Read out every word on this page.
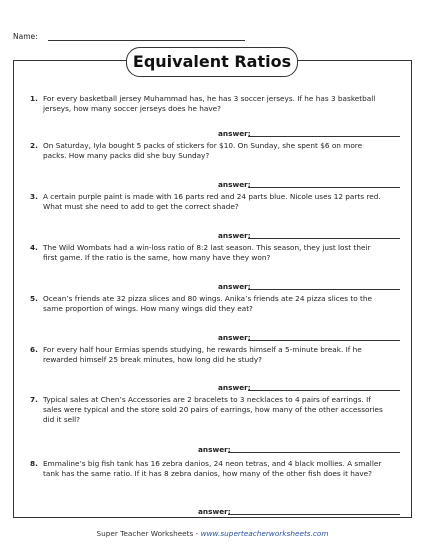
Name:
Equivalent Ratios
1. For every basketball jersey Muhammad has, he has 3 soccer jerseys. If he has 3 basketball jerseys, how many soccer jerseys does he have?
answer:
2. On Saturday, Iyla bought 5 packs of stickers for $10. On Sunday, she spent $6 on more packs. How many packs did she buy Sunday?
answer:
3. A certain purple paint is made with 16 parts red and 24 parts blue. Nicole uses 12 parts red. What must she need to add to get the correct shade?
answer:
4. The Wild Wombats had a win-loss ratio of 8:2 last season. This season, they just lost their first game. If the ratio is the same, how many have they won?
answer:
5. Ocean’s friends ate 32 pizza slices and 80 wings. Anika’s friends ate 24 pizza slices to the same proportion of wings. How many wings did they eat?
answer:
6. For every half hour Ermias spends studying, he rewards himself a 5-minute break. If he rewarded himself 25 break minutes, how long did he study?
answer:
7. Typical sales at Chen’s Accessories are 2 bracelets to 3 necklaces to 4 pairs of earrings. If sales were typical and the store sold 20 pairs of earrings, how many of the other accessories did it sell?
answer:
8. Emmaline’s big fish tank has 16 zebra danios, 24 neon tetras, and 4 black mollies. A smaller tank has the same ratio. If it has 8 zebra danios, how many of the other fish does it have?
answer:
Super Teacher Worksheets - www.superteacherworksheets.com
